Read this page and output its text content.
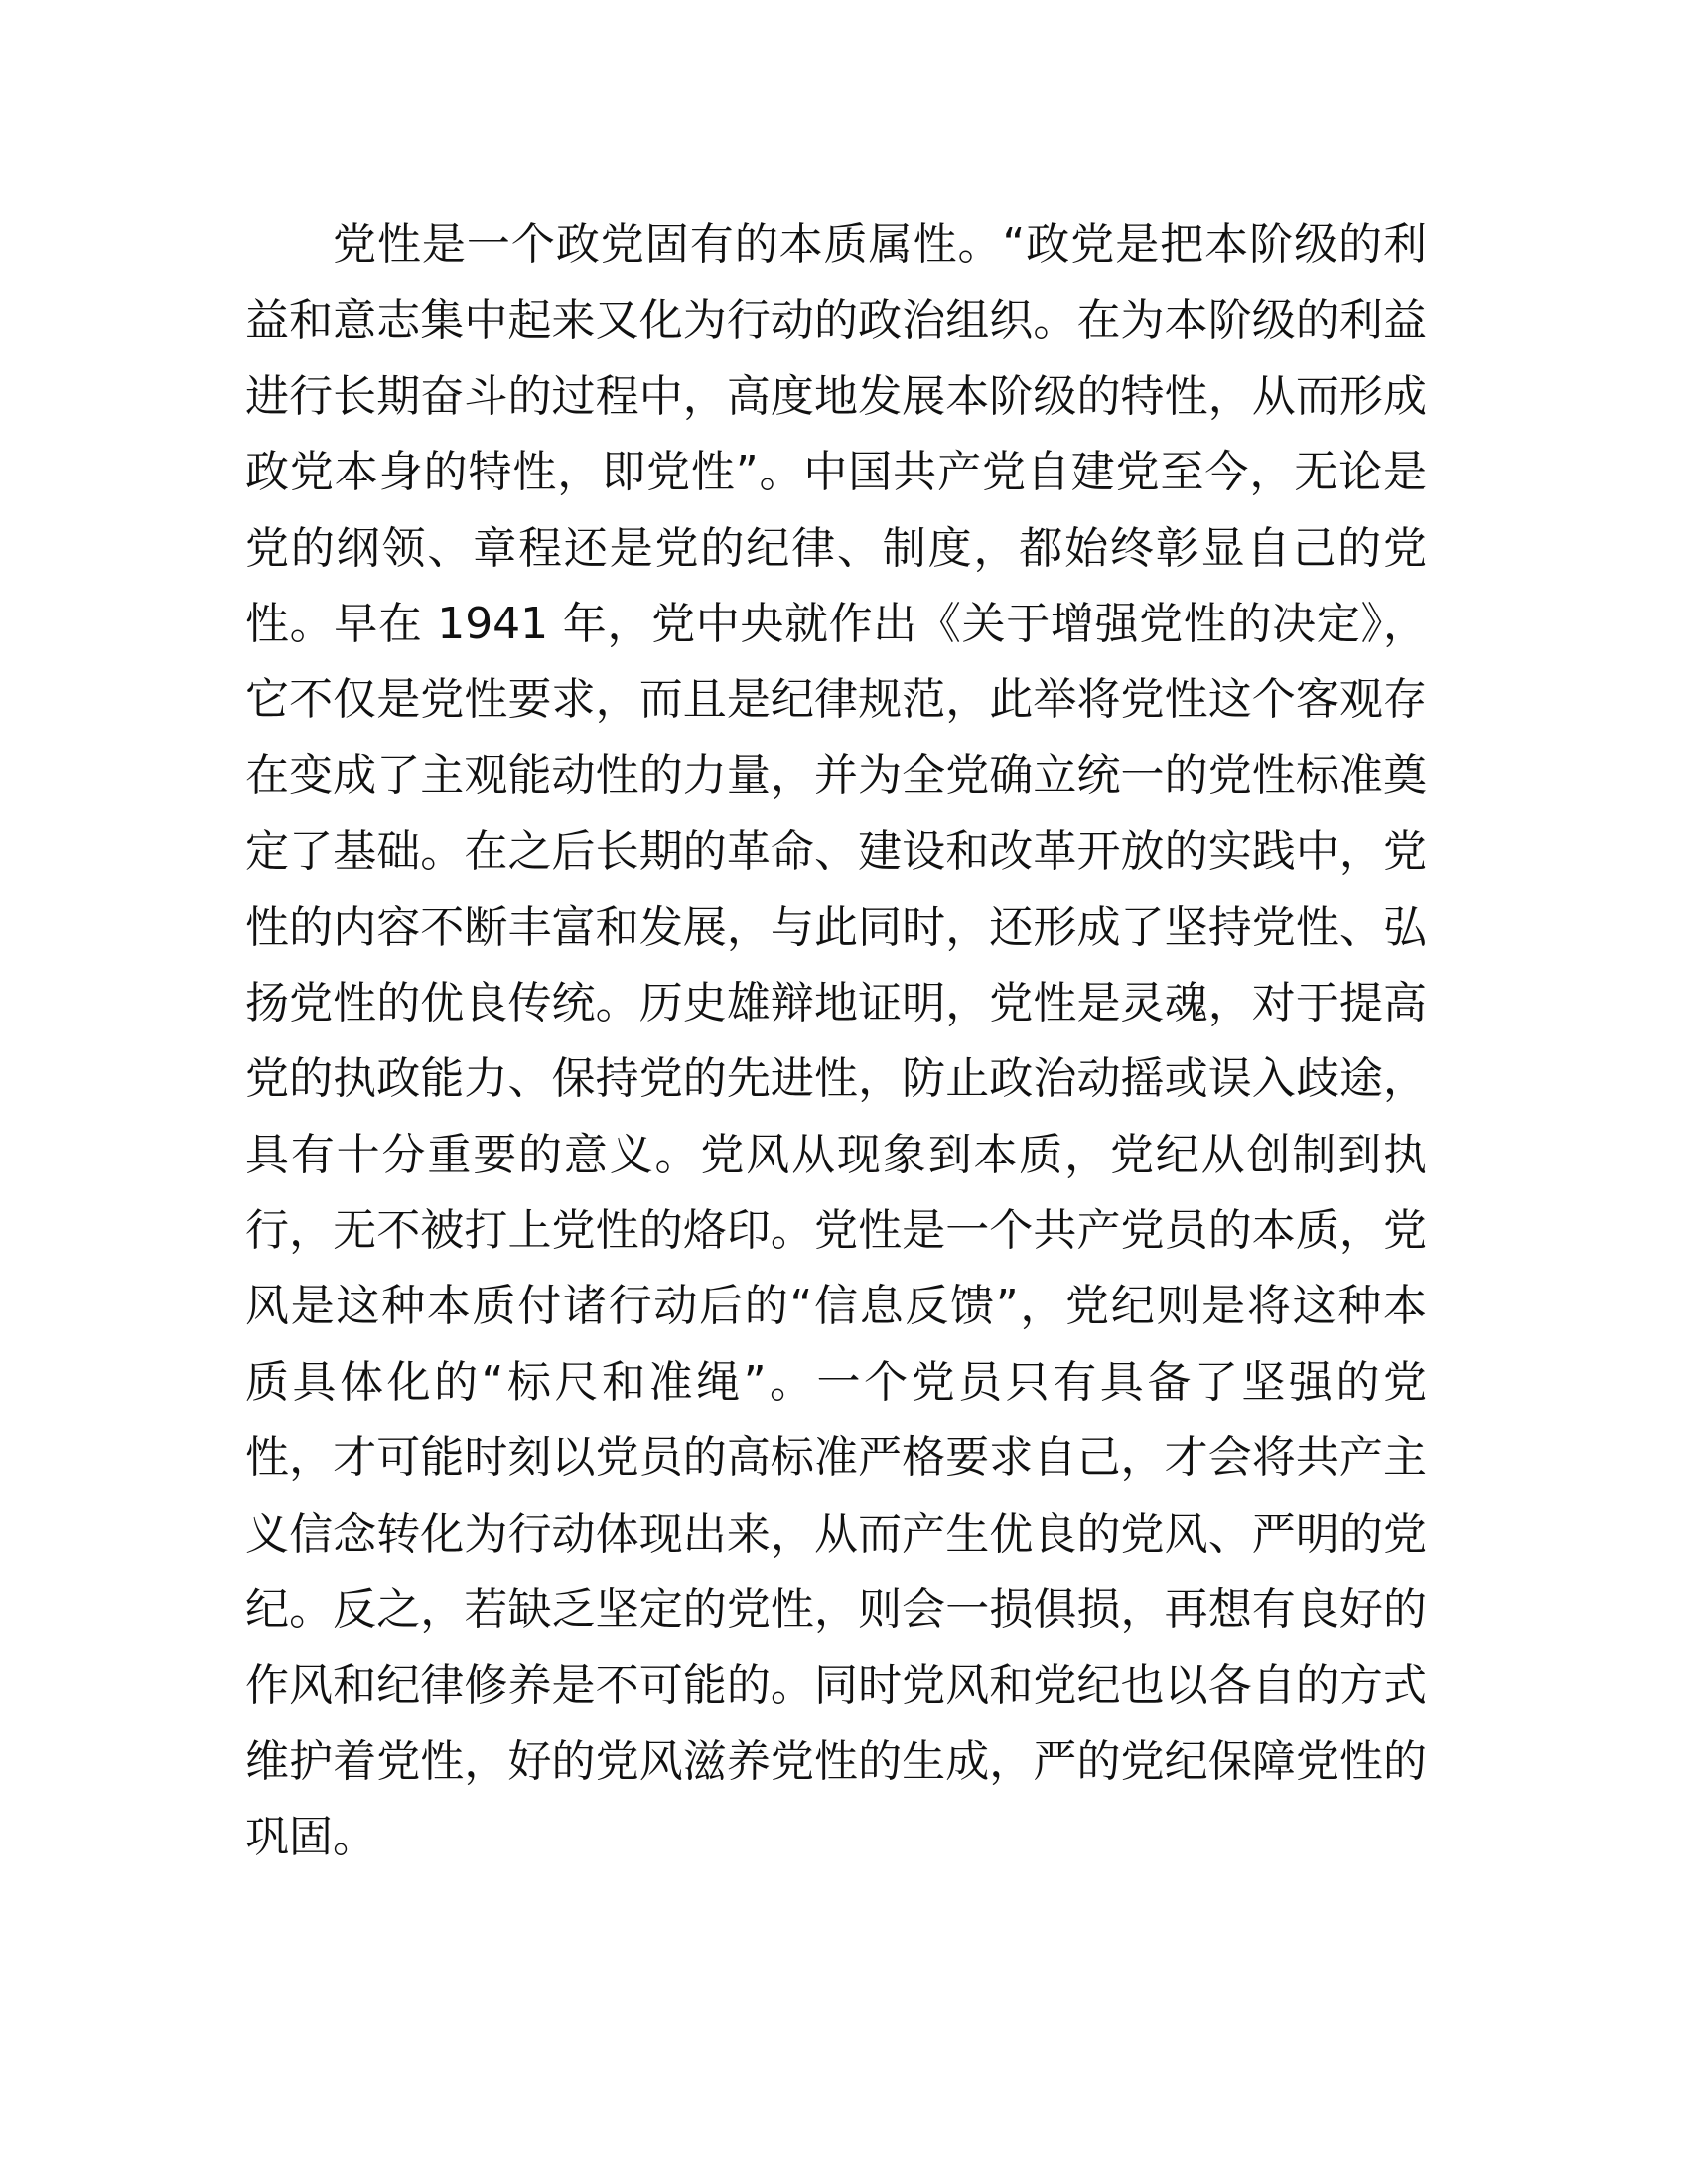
党性是一个政党固有的本质属性。“政党是把本阶级的利
益和意志集中起来又化为行动的政治组织。在为本阶级的利益
进行长期奋斗的过程中，高度地发展本阶级的特性，从而形成
政党本身的特性，即党性”。中国共产党自建党至今，无论是
党的纲领、章程还是党的纪律、制度，都始终彰显自己的党
性。早在 1941 年，党中央就作出《关于增强党性的决定》，
它不仅是党性要求，而且是纪律规范，此举将党性这个客观存
在变成了主观能动性的力量，并为全党确立统一的党性标准奠
定了基础。在之后长期的革命、建设和改革开放的实践中，党
性的内容不断丰富和发展，与此同时，还形成了坚持党性、弘
扬党性的优良传统。历史雄辩地证明，党性是灵魂，对于提高
党的执政能力、保持党的先进性，防止政治动摇或误入歧途，
具有十分重要的意义。党风从现象到本质，党纪从创制到执
行，无不被打上党性的烙印。党性是一个共产党员的本质，党
风是这种本质付诸行动后的“信息反馈”，党纪则是将这种本
质具体化的“标尺和准绳”。一个党员只有具备了坚强的党
性，才可能时刻以党员的高标准严格要求自己，才会将共产主
义信念转化为行动体现出来，从而产生优良的党风、严明的党
纪。反之，若缺乏坚定的党性，则会一损俱损，再想有良好的
作风和纪律修养是不可能的。同时党风和党纪也以各自的方式
维护着党性，好的党风滋养党性的生成，严的党纪保障党性的
巩固。
